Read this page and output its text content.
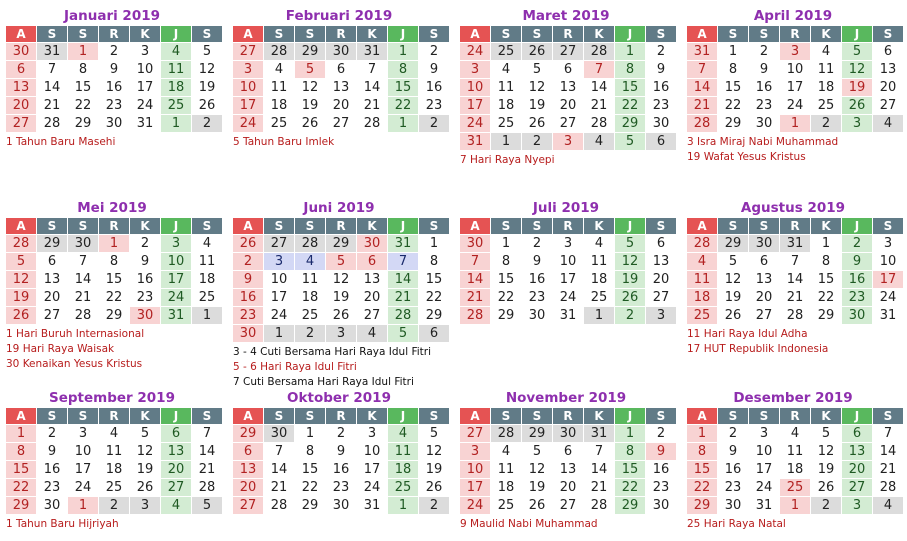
Januari 2019
A	S	S	R	K	J	S
30	31	1	2	3	4	5
6	7	8	9	10	11	12
13	14	15	16	17	18	19
20	21	22	23	24	25	26
27	28	29	30	31	1	2
1 Tahun Baru Masehi
Februari 2019
A	S	S	R	K	J	S
27	28	29	30	31	1	2
3	4	5	6	7	8	9
10	11	12	13	14	15	16
17	18	19	20	21	22	23
24	25	26	27	28	1	2
5 Tahun Baru Imlek
Maret 2019
A	S	S	R	K	J	S
24	25	26	27	28	1	2
3	4	5	6	7	8	9
10	11	12	13	14	15	16
17	18	19	20	21	22	23
24	25	26	27	28	29	30
31	1	2	3	4	5	6
7 Hari Raya Nyepi
April 2019
A	S	S	R	K	J	S
31	1	2	3	4	5	6
7	8	9	10	11	12	13
14	15	16	17	18	19	20
21	22	23	24	25	26	27
28	29	30	1	2	3	4
3 Isra Miraj Nabi Muhammad
19 Wafat Yesus Kristus
Mei 2019
A	S	S	R	K	J	S
28	29	30	1	2	3	4
5	6	7	8	9	10	11
12	13	14	15	16	17	18
19	20	21	22	23	24	25
26	27	28	29	30	31	1
1 Hari Buruh Internasional
19 Hari Raya Waisak
30 Kenaikan Yesus Kristus
Juni 2019
A	S	S	R	K	J	S
26	27	28	29	30	31	1
2	3	4	5	6	7	8
9	10	11	12	13	14	15
16	17	18	19	20	21	22
23	24	25	26	27	28	29
30	1	2	3	4	5	6
3 - 4 Cuti Bersama Hari Raya Idul Fitri
5 - 6 Hari Raya Idul Fitri
7 Cuti Bersama Hari Raya Idul Fitri
Juli 2019
A	S	S	R	K	J	S
30	1	2	3	4	5	6
7	8	9	10	11	12	13
14	15	16	17	18	19	20
21	22	23	24	25	26	27
28	29	30	31	1	2	3
Agustus 2019
A	S	S	R	K	J	S
28	29	30	31	1	2	3
4	5	6	7	8	9	10
11	12	13	14	15	16	17
18	19	20	21	22	23	24
25	26	27	28	29	30	31
11 Hari Raya Idul Adha
17 HUT Republik Indonesia
September 2019
A	S	S	R	K	J	S
1	2	3	4	5	6	7
8	9	10	11	12	13	14
15	16	17	18	19	20	21
22	23	24	25	26	27	28
29	30	1	2	3	4	5
1 Tahun Baru Hijriyah
Oktober 2019
A	S	S	R	K	J	S
29	30	1	2	3	4	5
6	7	8	9	10	11	12
13	14	15	16	17	18	19
20	21	22	23	24	25	26
27	28	29	30	31	1	2
November 2019
A	S	S	R	K	J	S
27	28	29	30	31	1	2
3	4	5	6	7	8	9
10	11	12	13	14	15	16
17	18	19	20	21	22	23
24	25	26	27	28	29	30
9 Maulid Nabi Muhammad
Desember 2019
A	S	S	R	K	J	S
1	2	3	4	5	6	7
8	9	10	11	12	13	14
15	16	17	18	19	20	21
22	23	24	25	26	27	28
29	30	31	1	2	3	4
25 Hari Raya Natal
